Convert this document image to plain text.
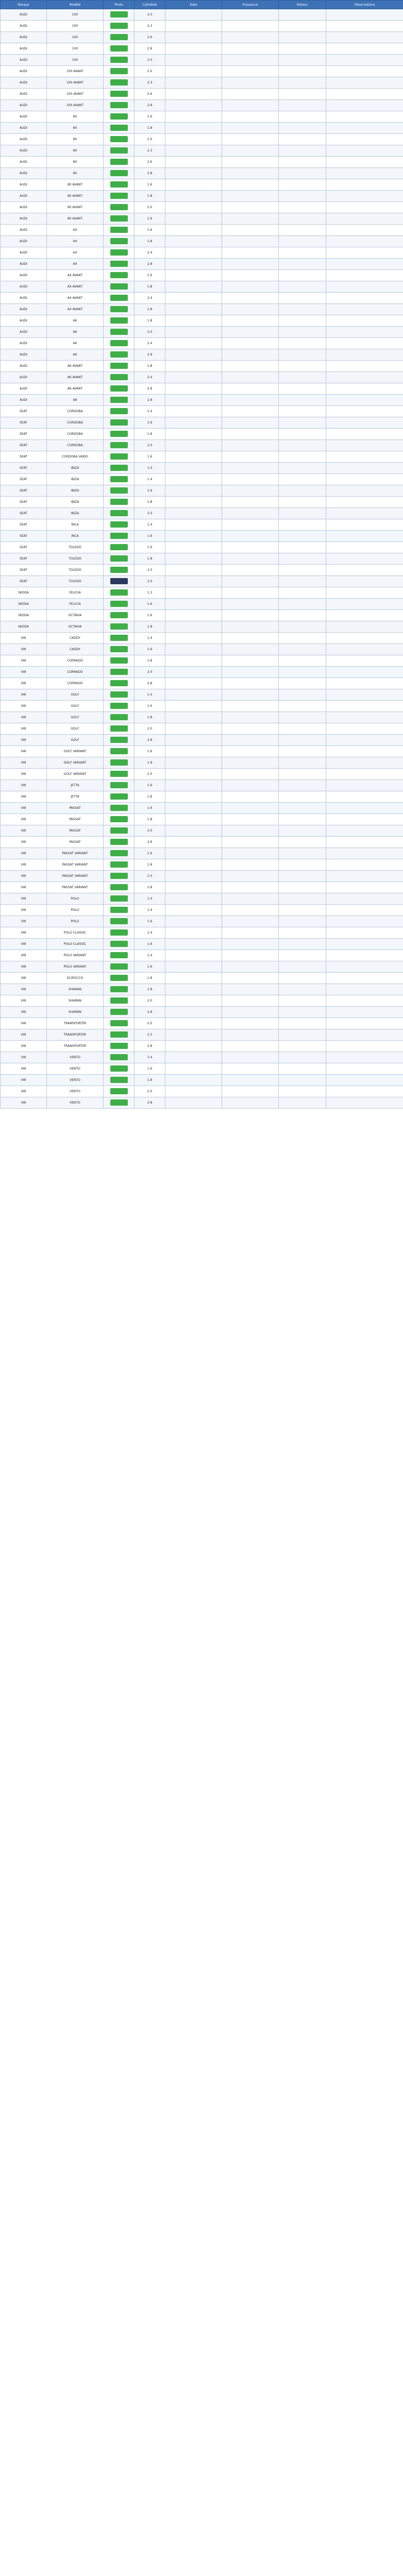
Marque	Modèle	Photo	Cylindrée	Date	Puissance	Moteur	Observations
AUDI	100		2.0				
AUDI	100		2.3				
AUDI	100		2.6				
AUDI	100		2.8				
AUDI	100		2.0				
AUDI	100 AVANT		2.0				
AUDI	100 AVANT		2.3				
AUDI	100 AVANT		2.6				
AUDI	100 AVANT		2.8				
AUDI	80		1.6				
AUDI	80		1.8				
AUDI	80		2.0				
AUDI	80		2.3				
AUDI	80		2.6				
AUDI	80		2.8				
AUDI	80 AVANT		1.6				
AUDI	80 AVANT		1.8				
AUDI	80 AVANT		2.0				
AUDI	80 AVANT		2.6				
AUDI	A4		1.6				
AUDI	A4		1.8				
AUDI	A4		2.4				
AUDI	A4		2.8				
AUDI	A4 AVANT		1.6				
AUDI	A4 AVANT		1.8				
AUDI	A4 AVANT		2.4				
AUDI	A4 AVANT		2.8				
AUDI	A6		1.8				
AUDI	A6		2.0				
AUDI	A6		2.4				
AUDI	A6		2.8				
AUDI	A6 AVANT		1.8				
AUDI	A6 AVANT		2.4				
AUDI	A6 AVANT		2.8				
AUDI	A8		2.8				
SEAT	CORDOBA		1.4				
SEAT	CORDOBA		1.6				
SEAT	CORDOBA		1.8				
SEAT	CORDOBA		2.0				
SEAT	CORDOBA VARIO		1.6				
SEAT	IBIZA		1.0				
SEAT	IBIZA		1.4				
SEAT	IBIZA		1.6				
SEAT	IBIZA		1.8				
SEAT	IBIZA		2.0				
SEAT	INCA		1.4				
SEAT	INCA		1.6				
SEAT	TOLEDO		1.6				
SEAT	TOLEDO		1.8				
SEAT	TOLEDO		2.0				
SEAT	TOLEDO		2.0				
SKODA	FELICIA		1.3				
SKODA	FELICIA		1.6				
SKODA	OCTAVIA		1.6				
SKODA	OCTAVIA		1.8				
VW	CADDY		1.4				
VW	CADDY		1.6				
VW	CORRADO		1.8				
VW	CORRADO		2.0				
VW	CORRADO		2.8				
VW	GOLF		1.4				
VW	GOLF		1.6				
VW	GOLF		1.8				
VW	GOLF		2.0				
VW	GOLF		2.8				
VW	GOLF VARIANT		1.6				
VW	GOLF VARIANT		1.8				
VW	GOLF VARIANT		2.0				
VW	JETTA		1.6				
VW	JETTA		1.8				
VW	PASSAT		1.6				
VW	PASSAT		1.8				
VW	PASSAT		2.0				
VW	PASSAT		2.8				
VW	PASSAT VARIANT		1.6				
VW	PASSAT VARIANT		1.8				
VW	PASSAT VARIANT		2.0				
VW	PASSAT VARIANT		2.8				
VW	POLO		1.0				
VW	POLO		1.4				
VW	POLO		1.6				
VW	POLO CLASSIC		1.4				
VW	POLO CLASSIC		1.6				
VW	POLO VARIANT		1.4				
VW	POLO VARIANT		1.6				
VW	SCIROCCO		1.8				
VW	SHARAN		1.8				
VW	SHARAN		2.0				
VW	SHARAN		2.8				
VW	TRANSPORTER		2.0				
VW	TRANSPORTER		2.5				
VW	TRANSPORTER		2.8				
VW	VENTO		1.4				
VW	VENTO		1.6				
VW	VENTO		1.8				
VW	VENTO		2.0				
VW	VENTO		2.8				
